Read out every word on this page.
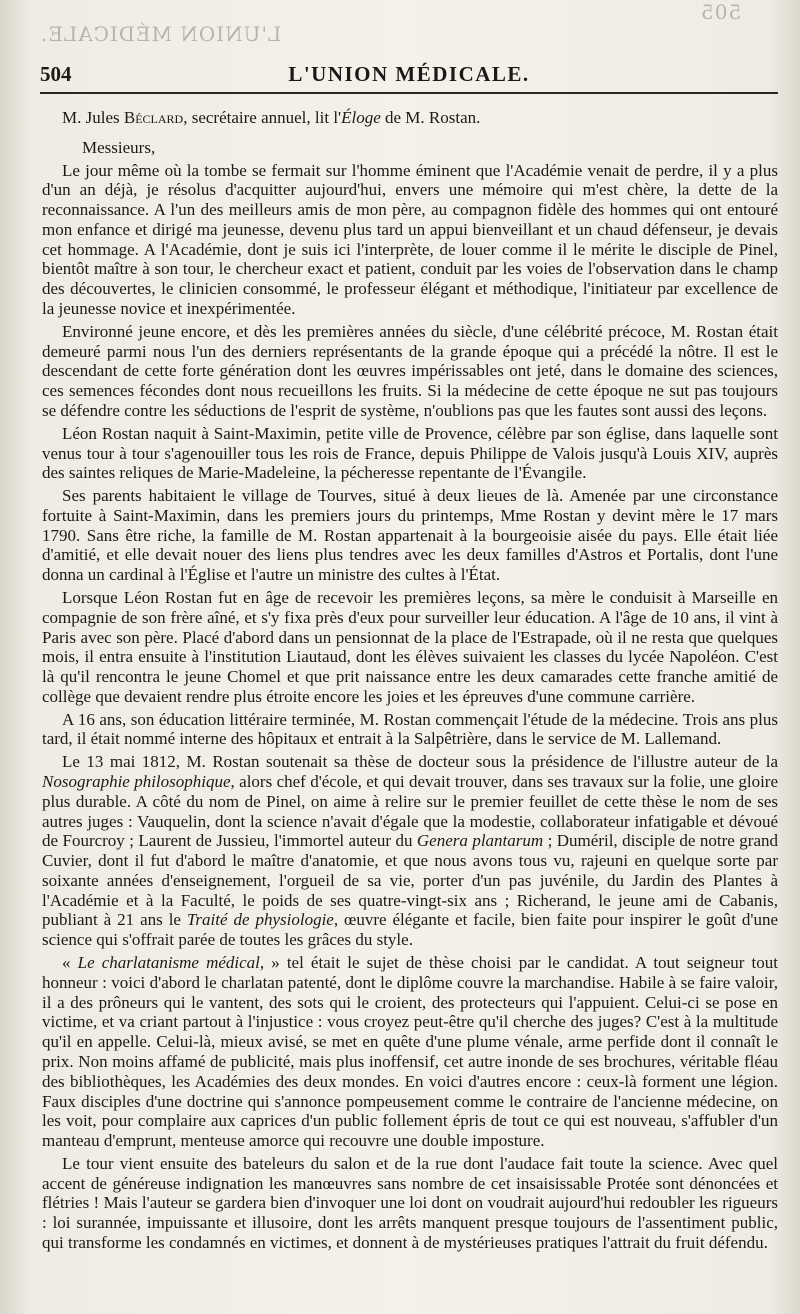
L'UNION MÉDICALE.
505
504	L'UNION MÉDICALE.

M. Jules Béclard, secrétaire annuel, lit l'Éloge de M. Rostan.

Messieurs,

Le jour même où la tombe se fermait sur l'homme éminent que l'Académie venait de perdre, il y a plus d'un an déjà, je résolus d'acquitter aujourd'hui, envers une mémoire qui m'est chère, la dette de la reconnaissance. A l'un des meilleurs amis de mon père, au compagnon fidèle des hommes qui ont entouré mon enfance et dirigé ma jeunesse, devenu plus tard un appui bienveillant et un chaud défenseur, je devais cet hommage. A l'Académie, dont je suis ici l'interprète, de louer comme il le mérite le disciple de Pinel, bientôt maître à son tour, le chercheur exact et patient, conduit par les voies de l'observation dans le champ des découvertes, le clinicien consommé, le professeur élégant et méthodique, l'initiateur par excellence de la jeunesse novice et inexpérimentée.

Environné jeune encore, et dès les premières années du siècle, d'une célébrité précoce, M. Rostan était demeuré parmi nous l'un des derniers représentants de la grande époque qui a précédé la nôtre. Il est le descendant de cette forte génération dont les œuvres impérissables ont jeté, dans le domaine des sciences, ces semences fécondes dont nous recueillons les fruits. Si la médecine de cette époque ne sut pas toujours se défendre contre les séductions de l'esprit de système, n'oublions pas que les fautes sont aussi des leçons.

Léon Rostan naquit à Saint-Maximin, petite ville de Provence, célèbre par son église, dans laquelle sont venus tour à tour s'agenouiller tous les rois de France, depuis Philippe de Valois jusqu'à Louis XIV, auprès des saintes reliques de Marie-Madeleine, la pécheresse repentante de l'Évangile.

Ses parents habitaient le village de Tourves, situé à deux lieues de là. Amenée par une circonstance fortuite à Saint-Maximin, dans les premiers jours du printemps, Mme Rostan y devint mère le 17 mars 1790. Sans être riche, la famille de M. Rostan appartenait à la bourgeoisie aisée du pays. Elle était liée d'amitié, et elle devait nouer des liens plus tendres avec les deux familles d'Astros et Portalis, dont l'une donna un cardinal à l'Église et l'autre un ministre des cultes à l'État.

Lorsque Léon Rostan fut en âge de recevoir les premières leçons, sa mère le conduisit à Marseille en compagnie de son frère aîné, et s'y fixa près d'eux pour surveiller leur éducation. A l'âge de 10 ans, il vint à Paris avec son père. Placé d'abord dans un pensionnat de la place de l'Estrapade, où il ne resta que quelques mois, il entra ensuite à l'institution Liautaud, dont les élèves suivaient les classes du lycée Napoléon. C'est là qu'il rencontra le jeune Chomel et que prit naissance entre les deux camarades cette franche amitié de collège que devaient rendre plus étroite encore les joies et les épreuves d'une commune carrière.

A 16 ans, son éducation littéraire terminée, M. Rostan commençait l'étude de la médecine. Trois ans plus tard, il était nommé interne des hôpitaux et entrait à la Salpêtrière, dans le service de M. Lallemand.

Le 13 mai 1812, M. Rostan soutenait sa thèse de docteur sous la présidence de l'illustre auteur de la Nosographie philosophique, alors chef d'école, et qui devait trouver, dans ses travaux sur la folie, une gloire plus durable. A côté du nom de Pinel, on aime à relire sur le premier feuillet de cette thèse le nom de ses autres juges : Vauquelin, dont la science n'avait d'égale que la modestie, collaborateur infatigable et dévoué de Fourcroy ; Laurent de Jussieu, l'immortel auteur du Genera plantarum ; Duméril, disciple de notre grand Cuvier, dont il fut d'abord le maître d'anatomie, et que nous avons tous vu, rajeuni en quelque sorte par soixante années d'enseignement, l'orgueil de sa vie, porter d'un pas juvénile, du Jardin des Plantes à l'Académie et à la Faculté, le poids de ses quatre-vingt-six ans ; Richerand, le jeune ami de Cabanis, publiant à 21 ans le Traité de physiologie, œuvre élégante et facile, bien faite pour inspirer le goût d'une science qui s'offrait parée de toutes les grâces du style.

« Le charlatanisme médical, » tel était le sujet de thèse choisi par le candidat. A tout seigneur tout honneur : voici d'abord le charlatan patenté, dont le diplôme couvre la marchandise. Habile à se faire valoir, il a des prôneurs qui le vantent, des sots qui le croient, des protecteurs qui l'appuient. Celui-ci se pose en victime, et va criant partout à l'injustice : vous croyez peut-être qu'il cherche des juges? C'est à la multitude qu'il en appelle. Celui-là, mieux avisé, se met en quête d'une plume vénale, arme perfide dont il connaît le prix. Non moins affamé de publicité, mais plus inoffensif, cet autre inonde de ses brochures, véritable fléau des bibliothèques, les Académies des deux mondes. En voici d'autres encore : ceux-là forment une légion. Faux disciples d'une doctrine qui s'annonce pompeusement comme le contraire de l'ancienne médecine, on les voit, pour complaire aux caprices d'un public follement épris de tout ce qui est nouveau, s'affubler d'un manteau d'emprunt, menteuse amorce qui recouvre une double imposture.

Le tour vient ensuite des bateleurs du salon et de la rue dont l'audace fait toute la science. Avec quel accent de généreuse indignation les manœuvres sans nombre de cet insaisissable Protée sont dénoncées et flétries ! Mais l'auteur se gardera bien d'invoquer une loi dont on voudrait aujourd'hui redoubler les rigueurs : loi surannée, impuissante et illusoire, dont les arrêts manquent presque toujours de l'assentiment public, qui transforme les condamnés en victimes, et donnent à de mystérieuses pratiques l'attrait du fruit défendu.
